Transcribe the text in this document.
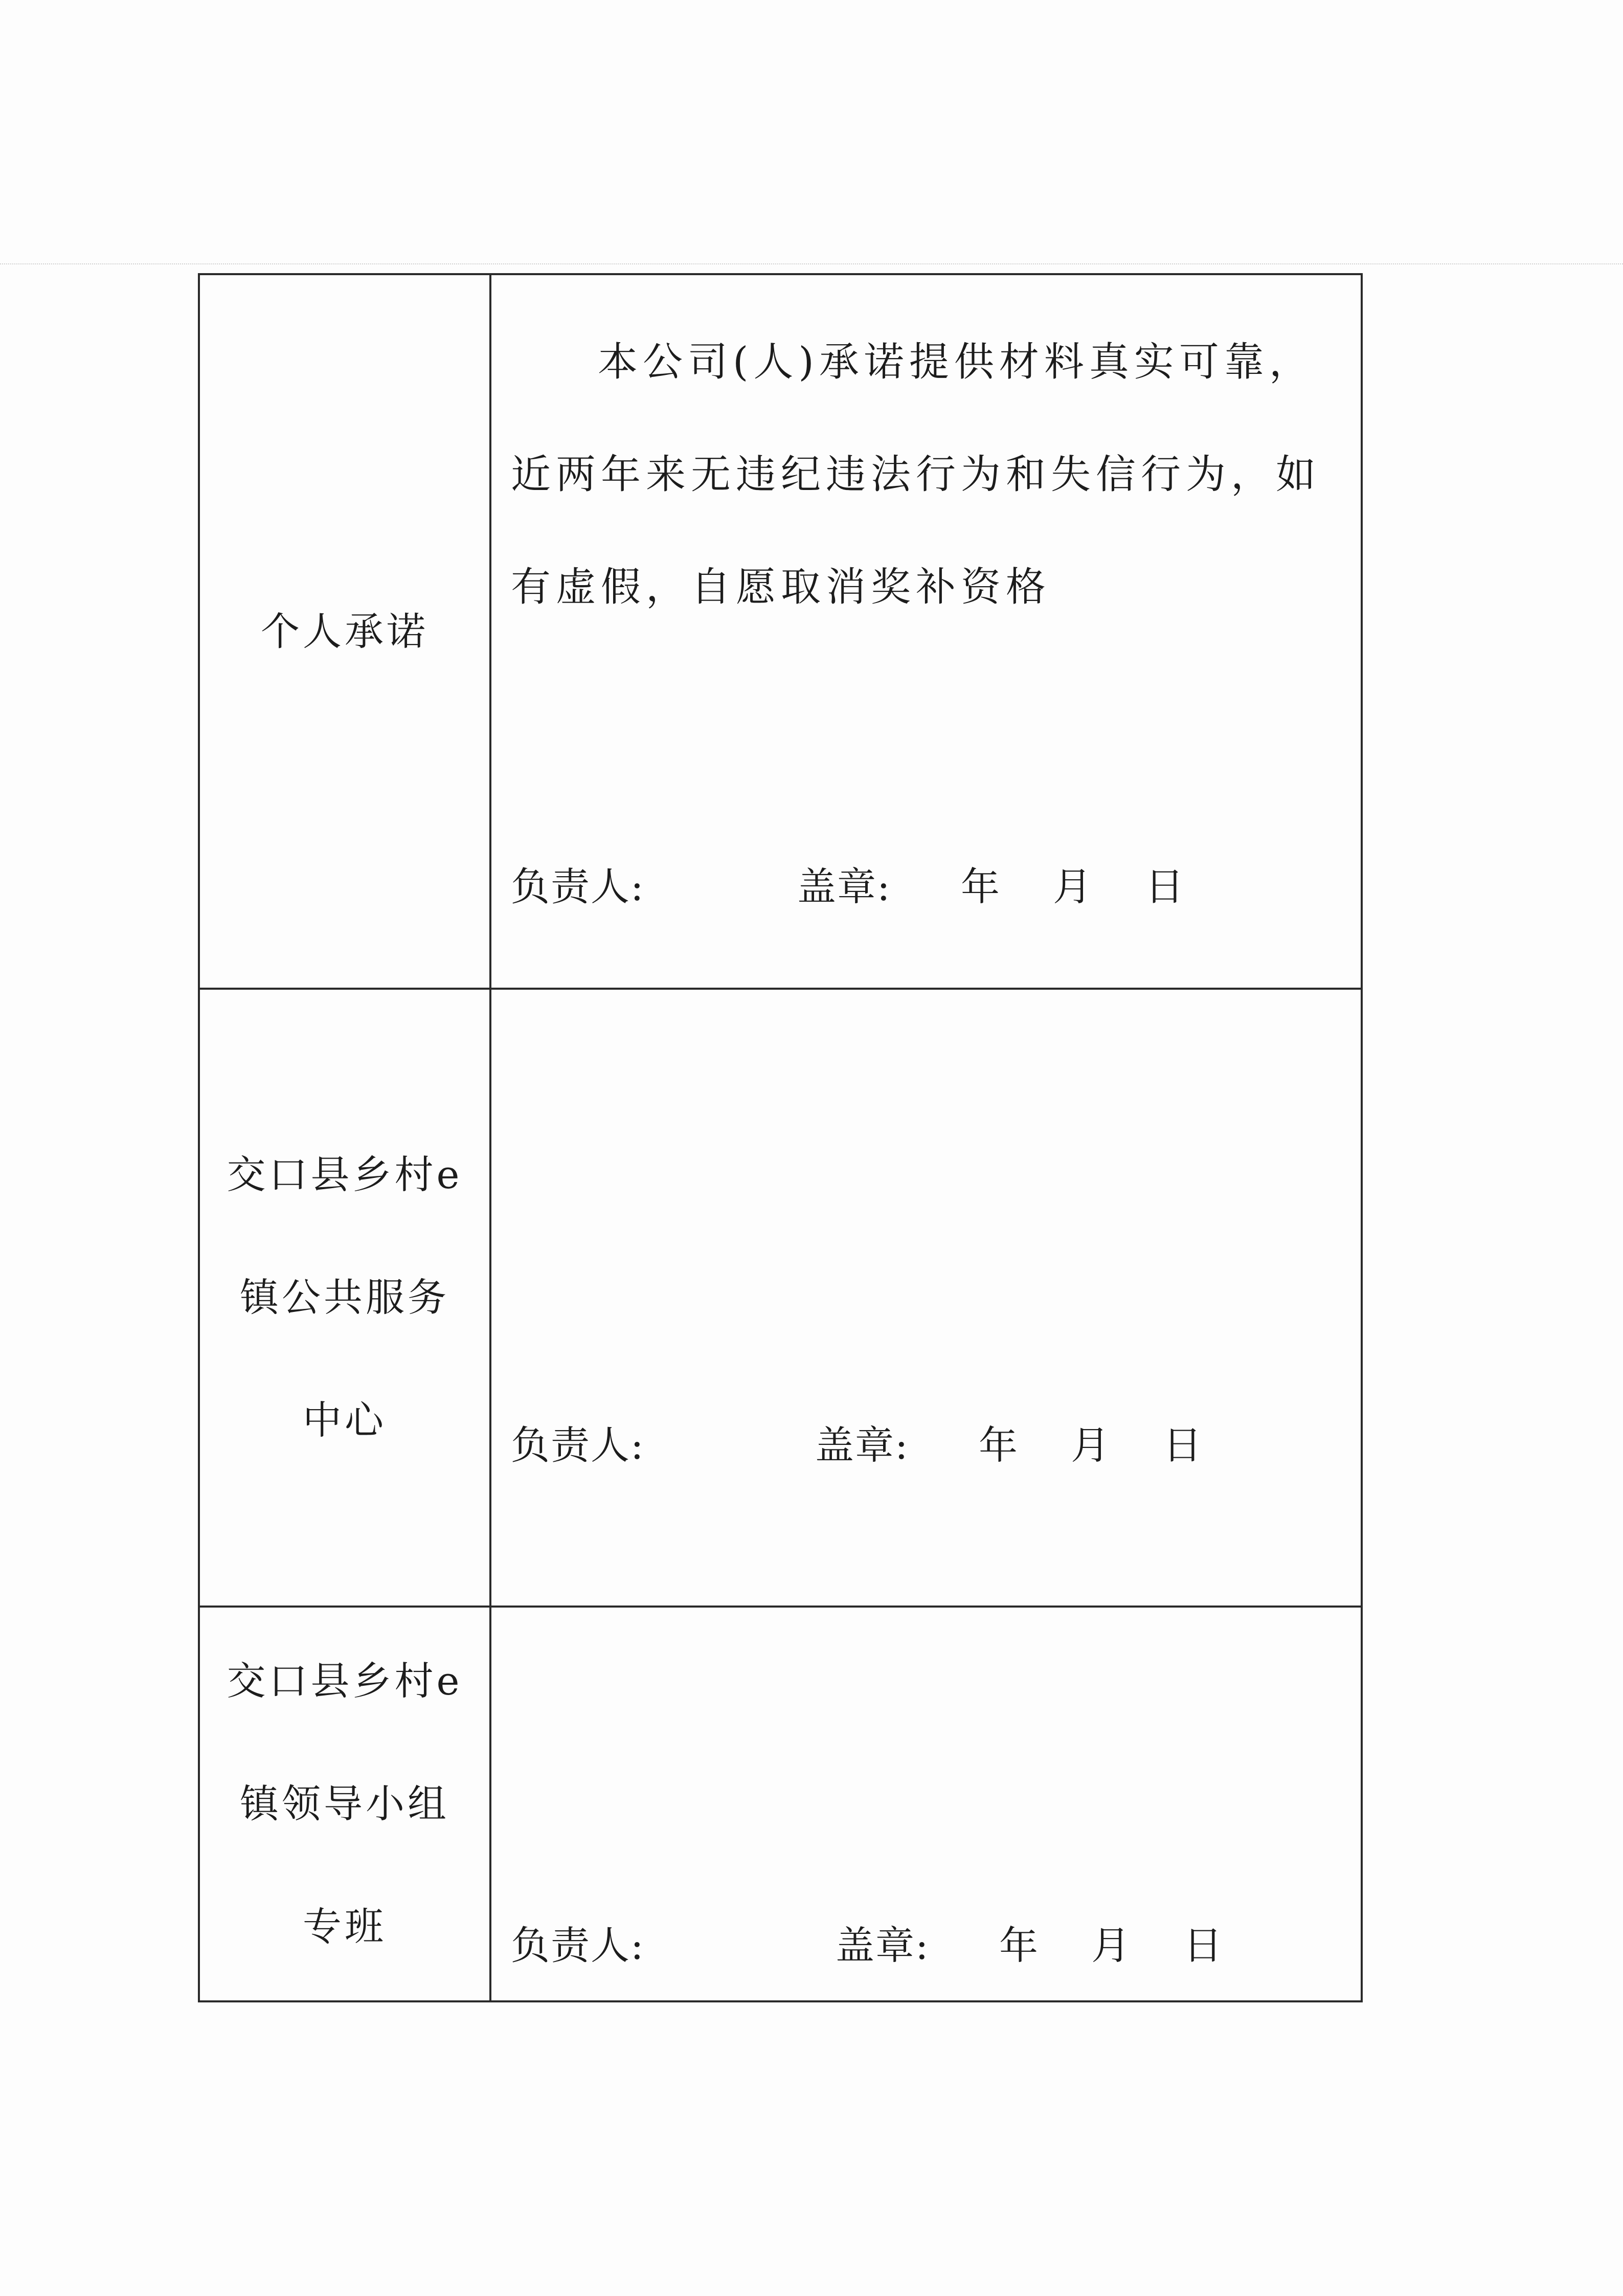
个人承诺	本公司(人)承诺提供材料真实可靠，近两年来无违纪违法行为和失信行为，如有虚假，自愿取消奖补资格

负责人: 盖章: 年 月 日

交口县乡村e
镇公共服务
中心	负责人: 盖章: 年 月 日

交口县乡村e
镇领导小组
专班	负责人: 盖章: 年 月 日
